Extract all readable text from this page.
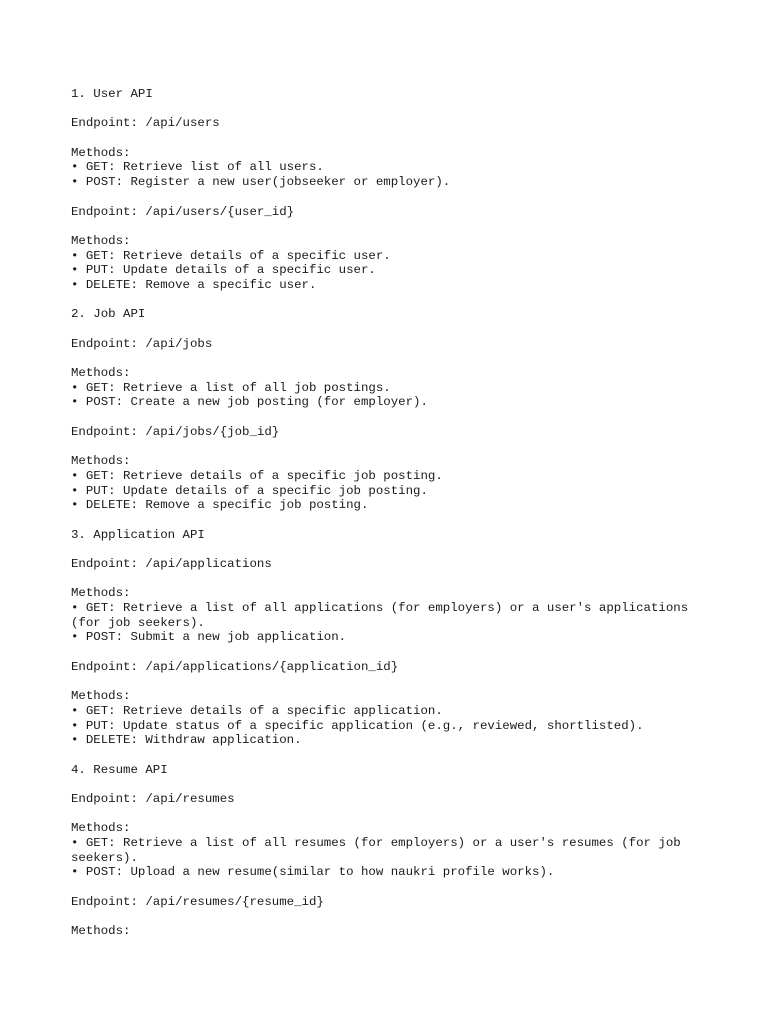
1. User API
Endpoint: /api/users
Methods:
• GET: Retrieve list of all users.
• POST: Register a new user(jobseeker or employer).
Endpoint: /api/users/{user_id}
Methods:
• GET: Retrieve details of a specific user.
• PUT: Update details of a specific user.
• DELETE: Remove a specific user.
2. Job API
Endpoint: /api/jobs
Methods:
• GET: Retrieve a list of all job postings.
• POST: Create a new job posting (for employer).
Endpoint: /api/jobs/{job_id}
Methods:
• GET: Retrieve details of a specific job posting.
• PUT: Update details of a specific job posting.
• DELETE: Remove a specific job posting.
3. Application API
Endpoint: /api/applications
Methods:
• GET: Retrieve a list of all applications (for employers) or a user's applications
(for job seekers).
• POST: Submit a new job application.
Endpoint: /api/applications/{application_id}
Methods:
• GET: Retrieve details of a specific application.
• PUT: Update status of a specific application (e.g., reviewed, shortlisted).
• DELETE: Withdraw application.
4. Resume API
Endpoint: /api/resumes
Methods:
• GET: Retrieve a list of all resumes (for employers) or a user's resumes (for job
seekers).
• POST: Upload a new resume(similar to how naukri profile works).
Endpoint: /api/resumes/{resume_id}
Methods:
